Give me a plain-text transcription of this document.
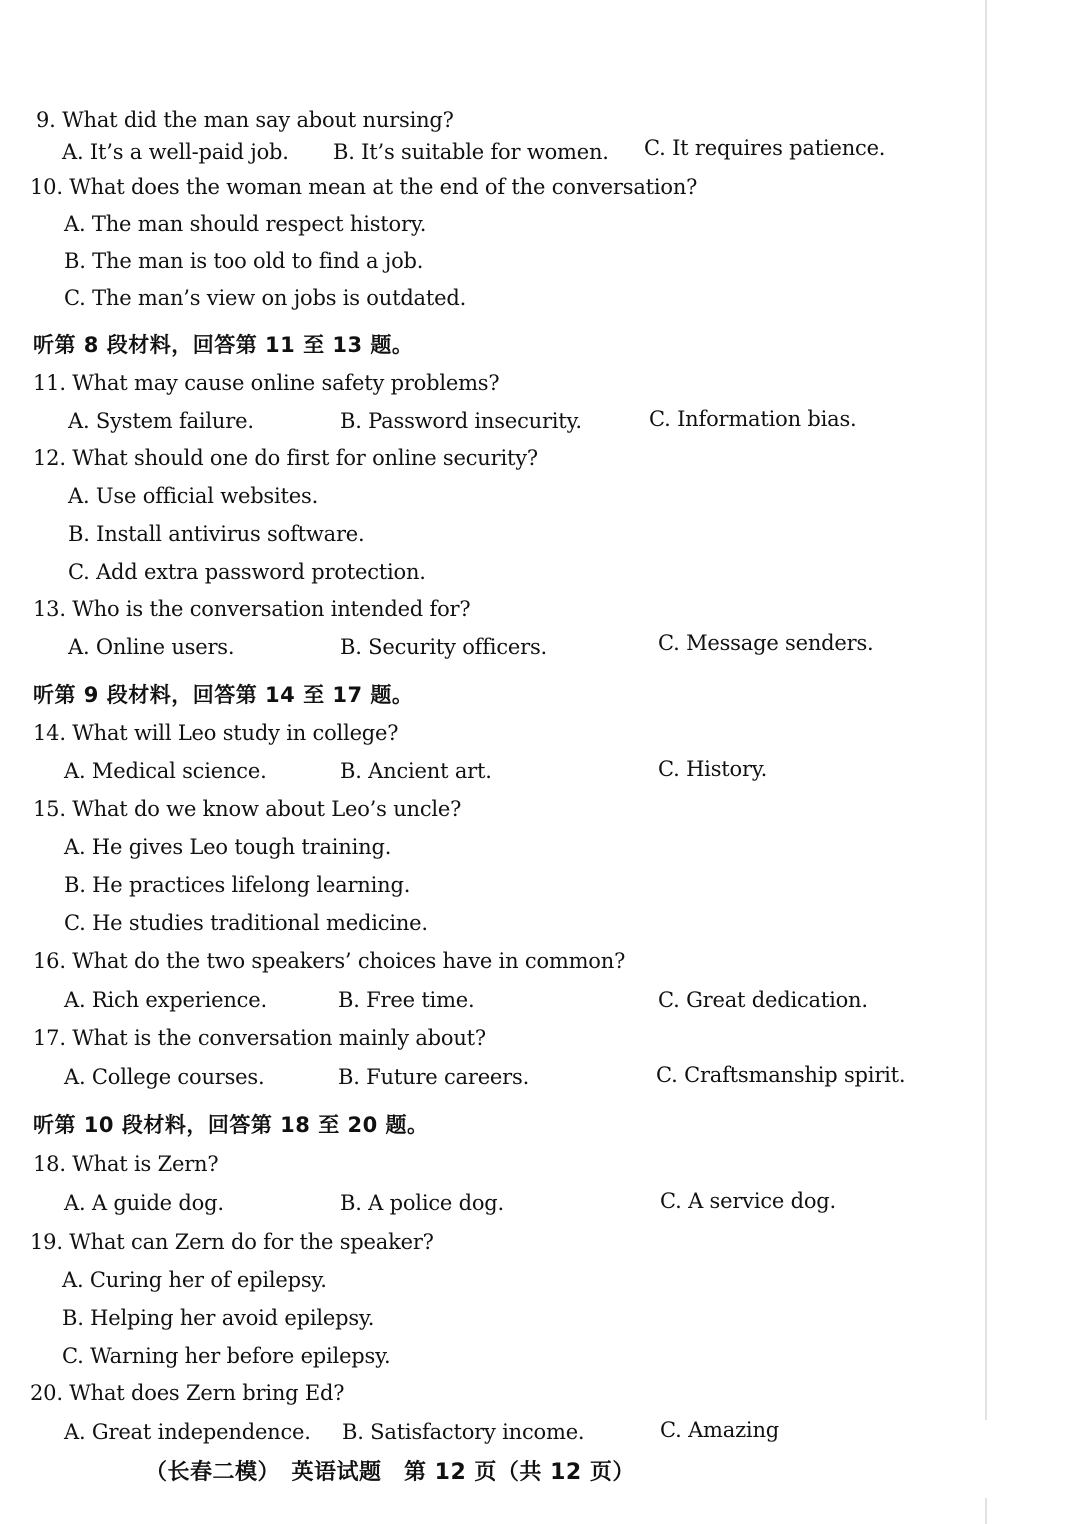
9. What did the man say about nursing?
A. It’s a well-paid job. B. It’s suitable for women. C. It requires patience.
10. What does the woman mean at the end of the conversation?
A. The man should respect history.
B. The man is too old to find a job.
C. The man’s view on jobs is outdated.
听第 8 段材料，回答第 11 至 13 题。
11. What may cause online safety problems?
A. System failure.	B. Password insecurity.	C. Information bias.
12. What should one do first for online security?
A. Use official websites.
B. Install antivirus software.
C. Add extra password protection.
13. Who is the conversation intended for?
A. Online users.	B. Security officers.	C. Message senders.
听第 9 段材料，回答第 14 至 17 题。
14. What will Leo study in college?
A. Medical science.	B. Ancient art.	C. History.
15. What do we know about Leo’s uncle?
A. He gives Leo tough training.
B. He practices lifelong learning.
C. He studies traditional medicine.
16. What do the two speakers’ choices have in common?
A. Rich experience.	B. Free time.	C. Great dedication.
17. What is the conversation mainly about?
A. College courses.	B. Future careers.	C. Craftsmanship spirit.
听第 10 段材料，回答第 18 至 20 题。
18. What is Zern?
A. A guide dog.	B. A police dog.	C. A service dog.
19. What can Zern do for the speaker?
A. Curing her of epilepsy.
B. Helping her avoid epilepsy.
C. Warning her before epilepsy.
20. What does Zern bring Ed?
A. Great independence. B. Satisfactory income.	C. Amazing
（长春二模）　英语试题　第 12 页（共 12 页）
